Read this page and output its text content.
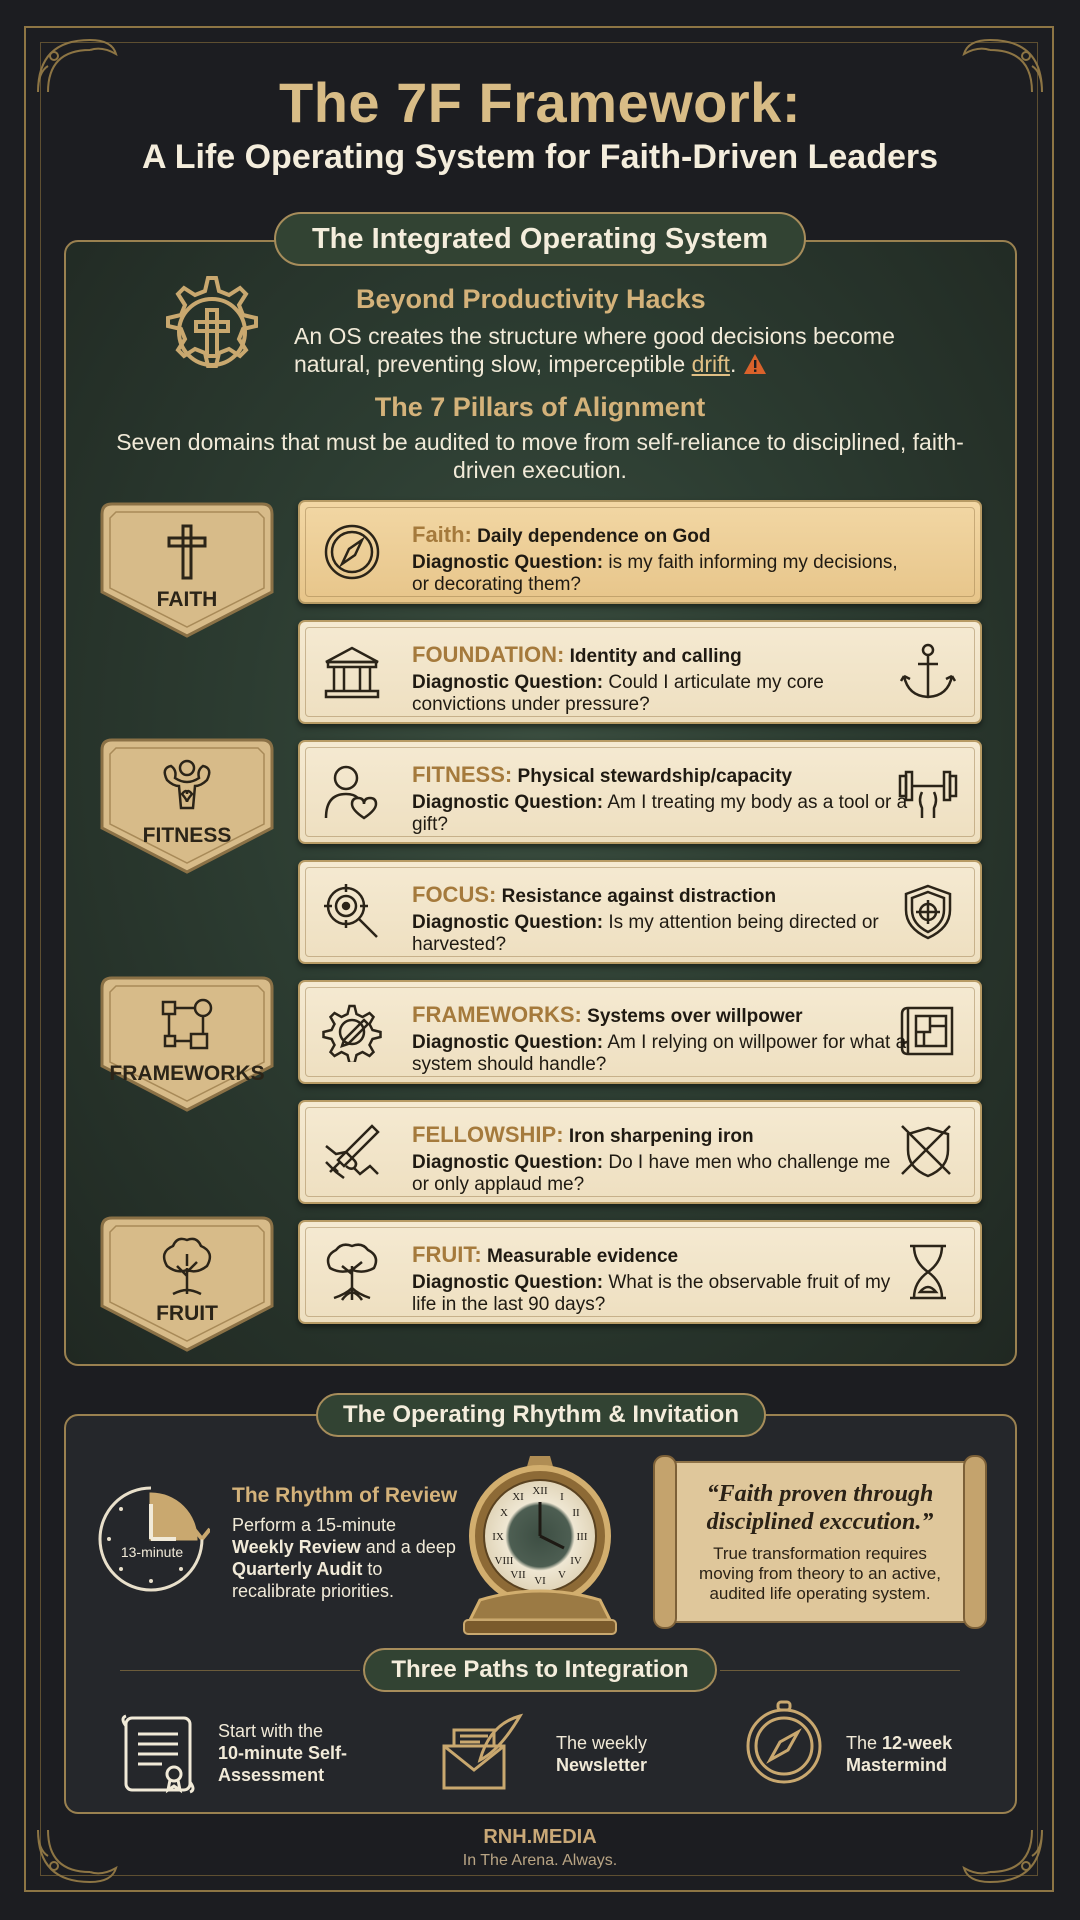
The 7F Framework:
A Life Operating System for Faith-Driven Leaders
The Integrated Operating System
Beyond Productivity Hacks
An OS creates the structure where good decisions become natural, preventing slow, imperceptible drift.
The 7 Pillars of Alignment
Seven domains that must be audited to move from self-reliance to disciplined, faith-driven execution.
FAITH
FITNESS
FRAMEWORKS
FRUIT
Faith: Daily dependence on God
Diagnostic Question: is my faith informing my decisions, or decorating them?
FOUNDATION: Identity and calling
Diagnostic Question: Could I articulate my core convictions under pressure?
FITNESS: Physical stewardship/capacity
Diagnostic Question: Am I treating my body as a tool or a gift?
FOCUS: Resistance against distraction
Diagnostic Question: Is my attention being directed or harvested?
FRAMEWORKS: Systems over willpower
Diagnostic Question: Am I relying on willpower for what a system should handle?
FELLOWSHIP: Iron sharpening iron
Diagnostic Question: Do I have men who challenge me or only applaud me?
FRUIT: Measurable evidence
Diagnostic Question: What is the observable fruit of my life in the last 90 days?
The Operating Rhythm & Invitation
13-minute
The Rhythm of Review
Perform a 15-minute Weekly Review and a deep Quarterly Audit to recalibrate priorities.
XII
III
VI
IX
I
II
IV
V
VII
VIII
X
XI	“Faith proven through disciplined exccution.”
True transformation requires moving from theory to an active, audited life operating system.
Three Paths to Integration
Start with the
10-minute Self-Assessment
The weekly
Newsletter
The 12-week Mastermind
RNH.MEDIA
In The Arena. Always.
